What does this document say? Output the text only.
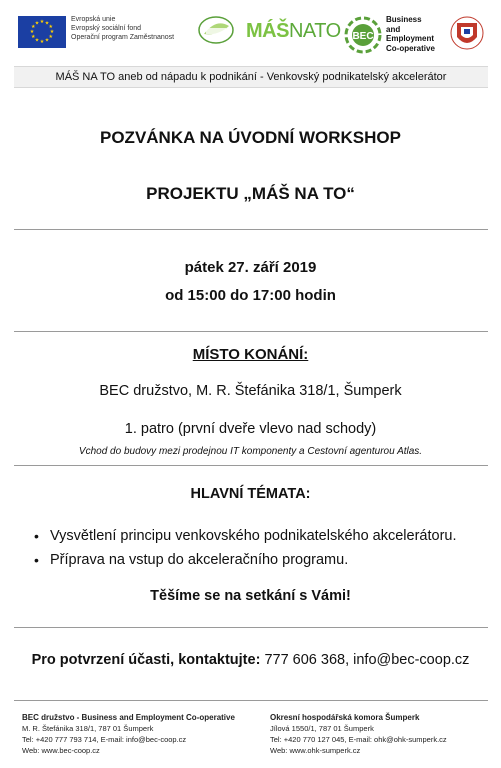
★ ★
★
★
★
★
★
★
★
★
★
★
Evropská unie
Evropský sociální fond
Operační program Zaměstnanost	MÁŠNATO BEC
Business
and
Employment
Co-operative
MÁŠ NA TO aneb od nápadu k podnikání - Venkovský podnikatelský akcelerátor
POZVÁNKA NA ÚVODNÍ WORKSHOP
PROJEKTU „MÁŠ NA TO“
pátek 27. září 2019
od 15:00 do 17:00 hodin
MÍSTO KONÁNÍ:
BEC družstvo, M. R. Štefánika 318/1, Šumperk
1. patro (první dveře vlevo nad schody)
Vchod do budovy mezi prodejnou IT komponenty a Cestovní agenturou Atlas.
HLAVNÍ TÉMATA:
• Vysvětlení principu venkovského podnikatelského akcelerátoru.
• Příprava na vstup do akceleračního programu.
Těšíme se na setkání s Vámi!
Pro potvrzení účasti, kontaktujte: 777 606 368, info@bec-coop.cz
BEC družstvo - Business and Employment Co-operative
M. R. Štefánika 318/1, 787 01 Šumperk
Tel: +420 777 793 714, E-mail: info@bec-coop.cz
Web: www.bec-coop.cz
Okresní hospodářská komora Šumperk
Jílová 1550/1, 787 01 Šumperk
Tel: +420 770 127 045, E-mail: ohk@ohk-sumperk.cz
Web: www.ohk-sumperk.cz
